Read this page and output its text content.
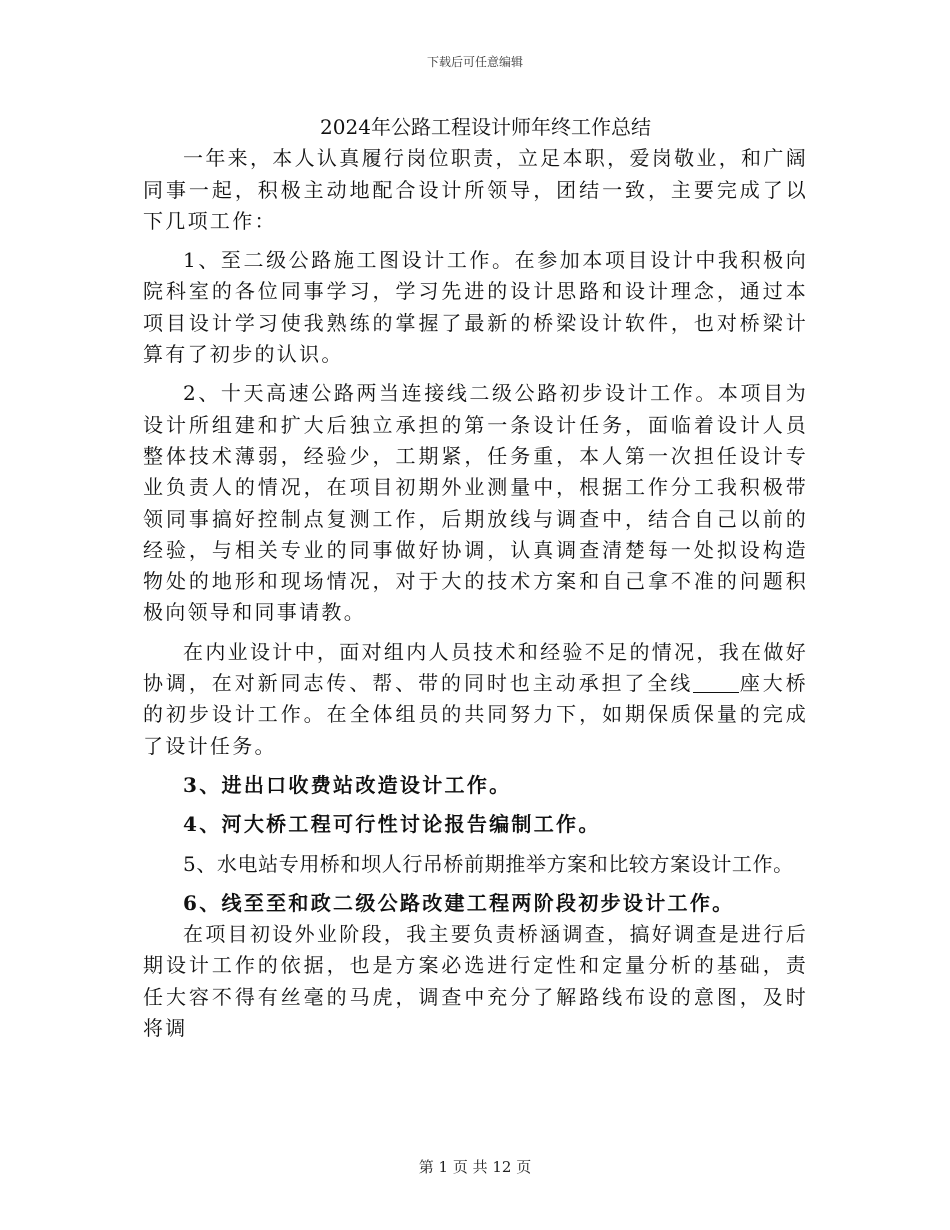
下载后可任意编辑
2024年公路工程设计师年终工作总结

一年来，本人认真履行岗位职责，立足本职，爱岗敬业，和广阔同事一起，积极主动地配合设计所领导，团结一致，主要完成了以下几项工作：

1、至二级公路施工图设计工作。在参加本项目设计中我积极向院科室的各位同事学习，学习先进的设计思路和设计理念，通过本项目设计学习使我熟练的掌握了最新的桥梁设计软件，也对桥梁计算有了初步的认识。

2、十天高速公路两当连接线二级公路初步设计工作。本项目为设计所组建和扩大后独立承担的第一条设计任务，面临着设计人员整体技术薄弱，经验少，工期紧，任务重，本人第一次担任设计专业负责人的情况，在项目初期外业测量中，根据工作分工我积极带领同事搞好控制点复测工作，后期放线与调查中，结合自己以前的经验，与相关专业的同事做好协调，认真调查清楚每一处拟设构造物处的地形和现场情况，对于大的技术方案和自己拿不准的问题积极向领导和同事请教。

在内业设计中，面对组内人员技术和经验不足的情况，我在做好协调，在对新同志传、帮、带的同时也主动承担了全线 座大桥的初步设计工作。在全体组员的共同努力下，如期保质保量的完成了设计任务。

3、进出口收费站改造设计工作。

4、河大桥工程可行性讨论报告编制工作。

5、水电站专用桥和坝人行吊桥前期推举方案和比较方案设计工作。

6、线至至和政二级公路改建工程两阶段初步设计工作。

在项目初设外业阶段，我主要负责桥涵调查，搞好调查是进行后期设计工作的依据，也是方案必选进行定性和定量分析的基础，责任大容不得有丝毫的马虎，调查中充分了解路线布设的意图，及时将调

第 1 页 共 12 页
